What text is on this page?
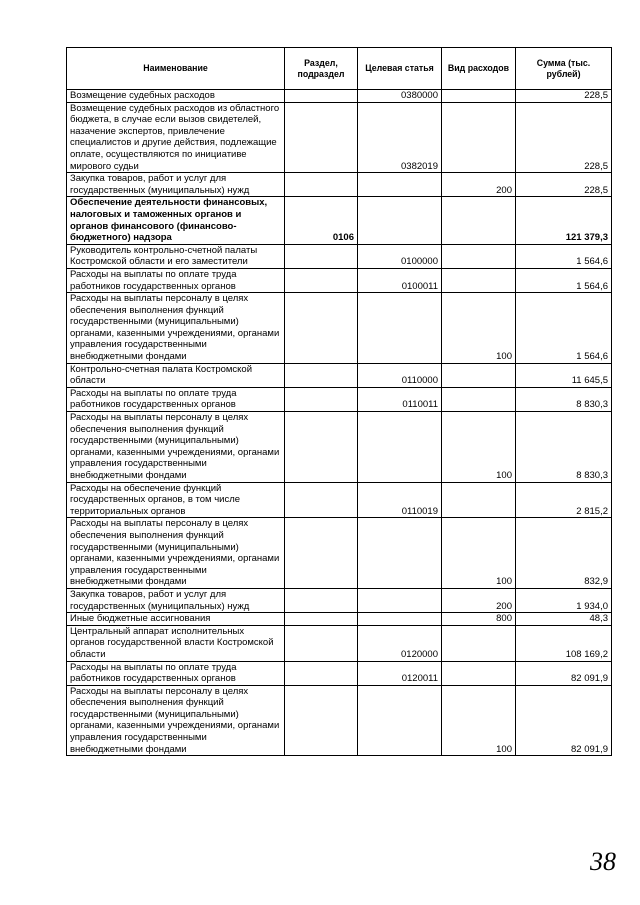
Наименование	Раздел, подраздел	Целевая статья	Вид расходов	Сумма (тыс. рублей)
Возмещение судебных расходов		0380000		228,5
Возмещение судебных расходов из областного бюджета, в случае если вызов свидетелей, назачение экспертов, привлечение специалистов и другие действия, подлежащие оплате, осуществляются по инициативе мирового судьи		0382019		228,5
Закупка товаров, работ и услуг для государственных (муниципальных) нужд			200	228,5
Обеспечение деятельности финансовых, налоговых и таможенных органов и органов финансового (финансово-бюджетного) надзора	0106			121 379,3
Руководитель контрольно-счетной палаты Костромской области и его заместители		0100000		1 564,6
Расходы на выплаты по оплате труда работников государственных органов		0100011		1 564,6
Расходы на выплаты персоналу в целях обеспечения выполнения функций государственными (муниципальными) органами, казенными учреждениями, органами управления государственными внебюджетными фондами			100	1 564,6
Контрольно-счетная палата Костромской области		0110000		11 645,5
Расходы на выплаты по оплате труда работников государственных органов		0110011		8 830,3
Расходы на выплаты персоналу в целях обеспечения выполнения функций государственными (муниципальными) органами, казенными учреждениями, органами управления государственными внебюджетными фондами			100	8 830,3
Расходы на обеспечение функций государственных органов, в том числе территориальных органов		0110019		2 815,2
Расходы на выплаты персоналу в целях обеспечения выполнения функций государственными (муниципальными) органами, казенными учреждениями, органами управления государственными внебюджетными фондами			100	832,9
Закупка товаров, работ и услуг для государственных (муниципальных) нужд			200	1 934,0
Иные бюджетные ассигнования			800	48,3
Центральный аппарат исполнительных органов государственной власти Костромской области		0120000		108 169,2
Расходы на выплаты по оплате труда работников государственных органов		0120011		82 091,9
Расходы на выплаты персоналу в целях обеспечения выполнения функций государственными (муниципальными) органами, казенными учреждениями, органами управления государственными внебюджетными фондами			100	82 091,9
38
